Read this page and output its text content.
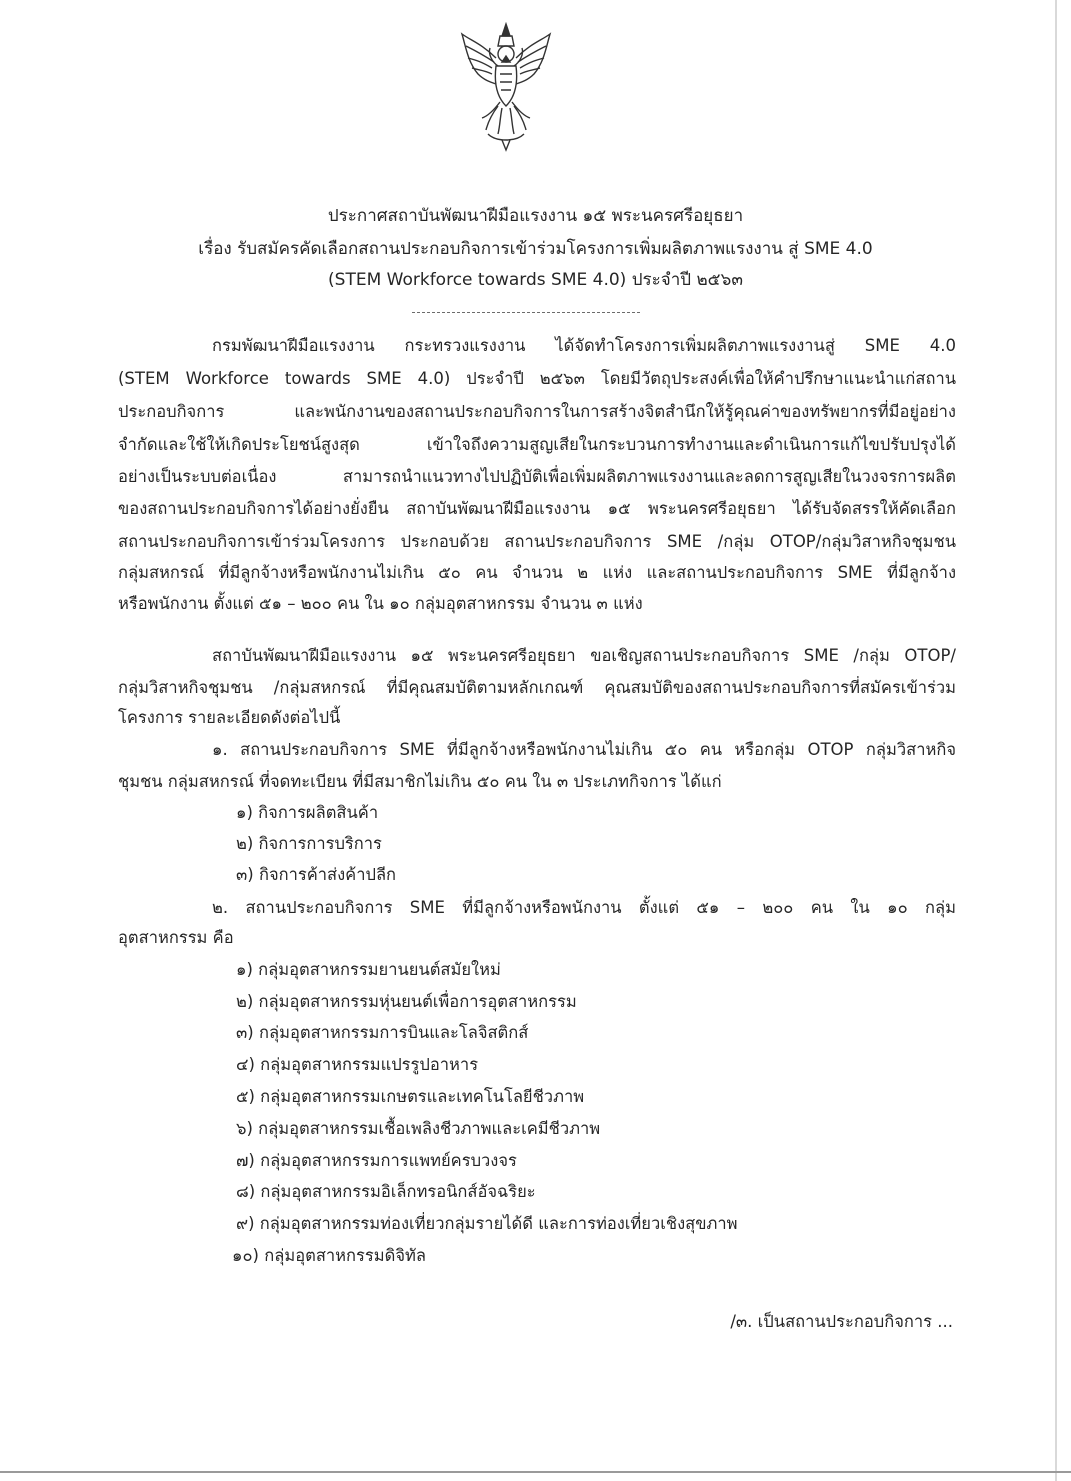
ประกาศสถาบันพัฒนาฝีมือแรงงาน ๑๕ พระนครศรีอยุธยา
เรื่อง รับสมัครคัดเลือกสถานประกอบกิจการเข้าร่วมโครงการเพิ่มผลิตภาพแรงงาน สู่ SME 4.0
(STEM Workforce towards SME 4.0) ประจำปี ๒๕๖๓
กรมพัฒนาฝีมือแรงงาน กระทรวงแรงงาน ได้จัดทำโครงการเพิ่มผลิตภาพแรงงานสู่ SME 4.0
(STEM Workforce towards SME 4.0) ประจำปี ๒๕๖๓ โดยมีวัตถุประสงค์เพื่อให้คำปรึกษาแนะนำแก่สถาน
ประกอบกิจการ และพนักงานของสถานประกอบกิจการในการสร้างจิตสำนึกให้รู้คุณค่าของทรัพยากรที่มีอยู่อย่าง
จำกัดและใช้ให้เกิดประโยชน์สูงสุด เข้าใจถึงความสูญเสียในกระบวนการทำงานและดำเนินการแก้ไขปรับปรุงได้
อย่างเป็นระบบต่อเนื่อง สามารถนำแนวทางไปปฏิบัติเพื่อเพิ่มผลิตภาพแรงงานและลดการสูญเสียในวงจรการผลิต
ของสถานประกอบกิจการได้อย่างยั่งยืน สถาบันพัฒนาฝีมือแรงงาน ๑๕ พระนครศรีอยุธยา ได้รับจัดสรรให้คัดเลือก
สถานประกอบกิจการเข้าร่วมโครงการ ประกอบด้วย สถานประกอบกิจการ SME /กลุ่ม OTOP/กลุ่มวิสาหกิจชุมชน
กลุ่มสหกรณ์ ที่มีลูกจ้างหรือพนักงานไม่เกิน ๕๐ คน จำนวน ๒ แห่ง และสถานประกอบกิจการ SME ที่มีลูกจ้าง
หรือพนักงาน ตั้งแต่ ๕๑ – ๒๐๐ คน ใน ๑๐ กลุ่มอุตสาหกรรม จำนวน ๓ แห่ง
สถาบันพัฒนาฝีมือแรงงาน ๑๕ พระนครศรีอยุธยา ขอเชิญสถานประกอบกิจการ SME /กลุ่ม OTOP/
กลุ่มวิสาหกิจชุมชน /กลุ่มสหกรณ์ ที่มีคุณสมบัติตามหลักเกณฑ์ คุณสมบัติของสถานประกอบกิจการที่สมัครเข้าร่วม
โครงการ รายละเอียดดังต่อไปนี้
๑. สถานประกอบกิจการ SME ที่มีลูกจ้างหรือพนักงานไม่เกิน ๕๐ คน หรือกลุ่ม OTOP กลุ่มวิสาหกิจ
ชุมชน กลุ่มสหกรณ์ ที่จดทะเบียน ที่มีสมาชิกไม่เกิน ๕๐ คน ใน ๓ ประเภทกิจการ ได้แก่
๑) กิจการผลิตสินค้า
๒) กิจการการบริการ
๓) กิจการค้าส่งค้าปลีก
๒. สถานประกอบกิจการ SME ที่มีลูกจ้างหรือพนักงาน ตั้งแต่ ๕๑ – ๒๐๐ คน ใน ๑๐ กลุ่ม
อุตสาหกรรม คือ
๑) กลุ่มอุตสาหกรรมยานยนต์สมัยใหม่
๒) กลุ่มอุตสาหกรรมหุ่นยนต์เพื่อการอุตสาหกรรม
๓) กลุ่มอุตสาหกรรมการบินและโลจิสติกส์
๔) กลุ่มอุตสาหกรรมแปรรูปอาหาร
๕) กลุ่มอุตสาหกรรมเกษตรและเทคโนโลยีชีวภาพ
๖) กลุ่มอุตสาหกรรมเชื้อเพลิงชีวภาพและเคมีชีวภาพ
๗) กลุ่มอุตสาหกรรมการแพทย์ครบวงจร
๘) กลุ่มอุตสาหกรรมอิเล็กทรอนิกส์อัจฉริยะ
๙) กลุ่มอุตสาหกรรมท่องเที่ยวกลุ่มรายได้ดี และการท่องเที่ยวเชิงสุขภาพ
๑๐) กลุ่มอุตสาหกรรมดิจิทัล
/๓. เป็นสถานประกอบกิจการ ...
